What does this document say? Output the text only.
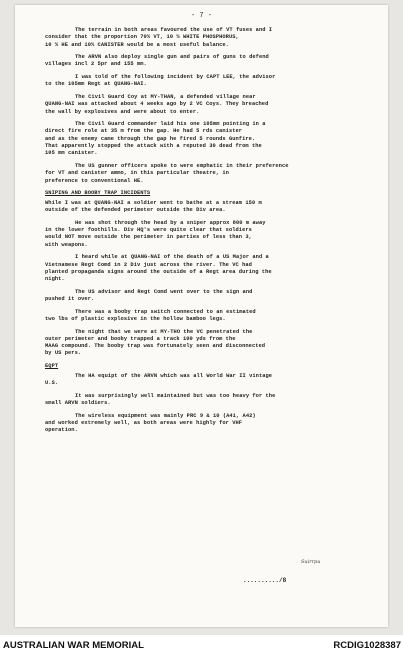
- 7 -

The terrain in both areas favoured the use of VT fuses and I
consider that the proportion 70% VT, 10 % WHITE PHOSPHORUS,
10 % HE and 10% CANISTER would be a most useful balance.

The ARVN also deploy single gun and pairs of guns to defend
villages incl 2 5pr and 155 mm.

I was told of the following incident by CAPT LEE, the advisor
to the 105mm Regt at QUANG-NAI.

The Civil Guard Coy at MY-THAN, a defended village near
QUANG-NAI was attacked about 4 weeks ago by 2 VC Coys. They breached
the wall by explosives and were about to enter.

The Civil Guard commander laid his one 105mm pointing in a
direct fire role at 35 m from the gap. He had 5 rds canister
and as the enemy came through the gap he fired 5 rounds Gunfire.
That apparently stopped the attack with a reputed 30 dead from the
105 mm canister.

The US gunner officers spoke to were emphatic in their preference
for VT and canister ammo, in this particular theatre, in
preference to conventional HE.

SNIPING AND BOOBY TRAP INCIDENTS

While I was at QUANG-NAI a soldier went to bathe at a stream 150 m
outside of the defended perimeter outside the Div area.

He was shot through the head by a sniper approx 800 m away
in the lower foothills. Div HQ's were quite clear that soldiers
would NOT move outside the perimeter in parties of less than 3,
with weapons.

I heard while at QUANG-NAI of the death of a US Major and a
Vietnamese Regt Comd in 2 Div just across the river. The VC had
planted propaganda signs around the outside of a Regt area during the
night.

The US advisor and Regt Comd went over to the sign and
pushed it over.

There was a booby trap switch connected to an estimated
two lbs of plastic explosive in the hollow bamboo legs.

The night that we were at MY-THO the VC penetrated the
outer perimeter and booby trapped a track 100 yds from the
MAAG compound. The booby trap was fortunately seen and disconnected
by US pers.

EQPT

The HA equipt of the ARVN which was all World War II vintage
U.S.

It was surprisingly well maintained but was too heavy for the
small ARVN soldiers.

The wireless equipment was mainly PRC 9 & 10 (A41, A42)
and worked extremely well, as both areas were highly for VHF
operation.

Suirrpu
........../8
AUSTRALIAN WAR MEMORIAL	RCDIG1028387
